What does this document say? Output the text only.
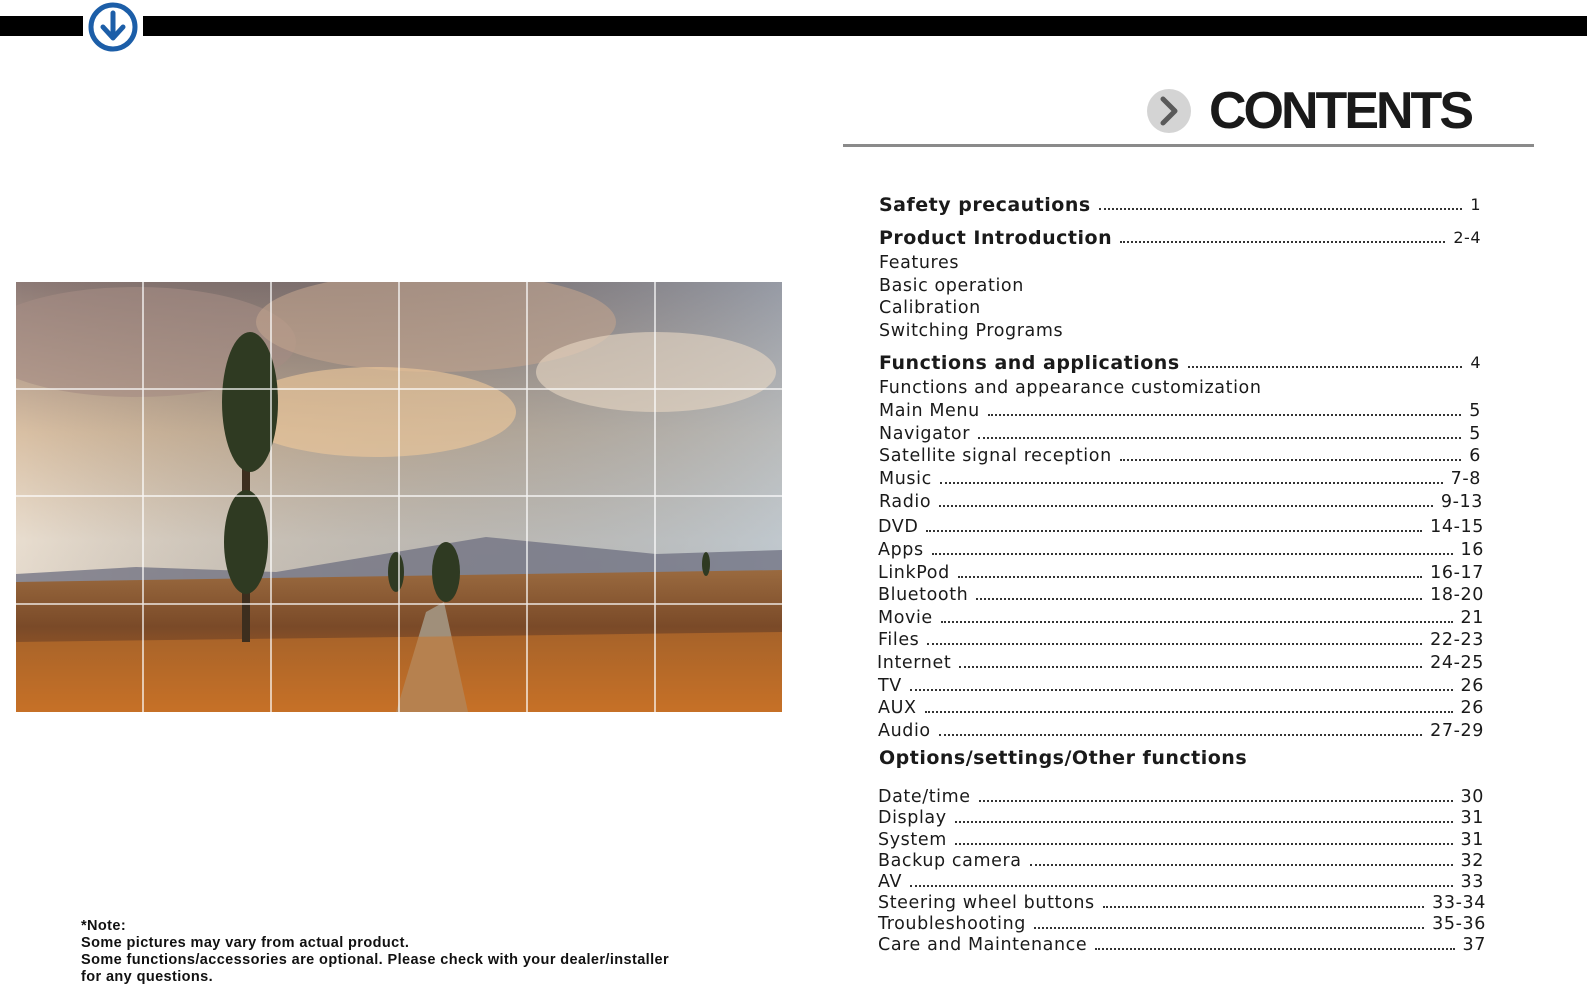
*Note:
Some pictures may vary from actual product.
Some functions/accessories are optional. Please check with your dealer/installer
for any questions.
CONTENTS
Safety precautions	1
Product Introduction	2-4
Features
Basic operation
Calibration
Switching Programs
Functions and applications	4
Functions and appearance customization
Main Menu	5
Navigator	5
Satellite signal reception	6
Music	7-8
Radio	9-13
DVD	14-15
Apps	16
LinkPod	16-17
Bluetooth	18-20
Movie	21
Files	22-23
Internet	24-25
TV	26
AUX	26
Audio	27-29
Options/settings/Other functions
Date/time	30
Display	31
System	31
Backup camera	32
AV	33
Steering wheel buttons	33-34
Troubleshooting	35-36
Care and Maintenance	37
